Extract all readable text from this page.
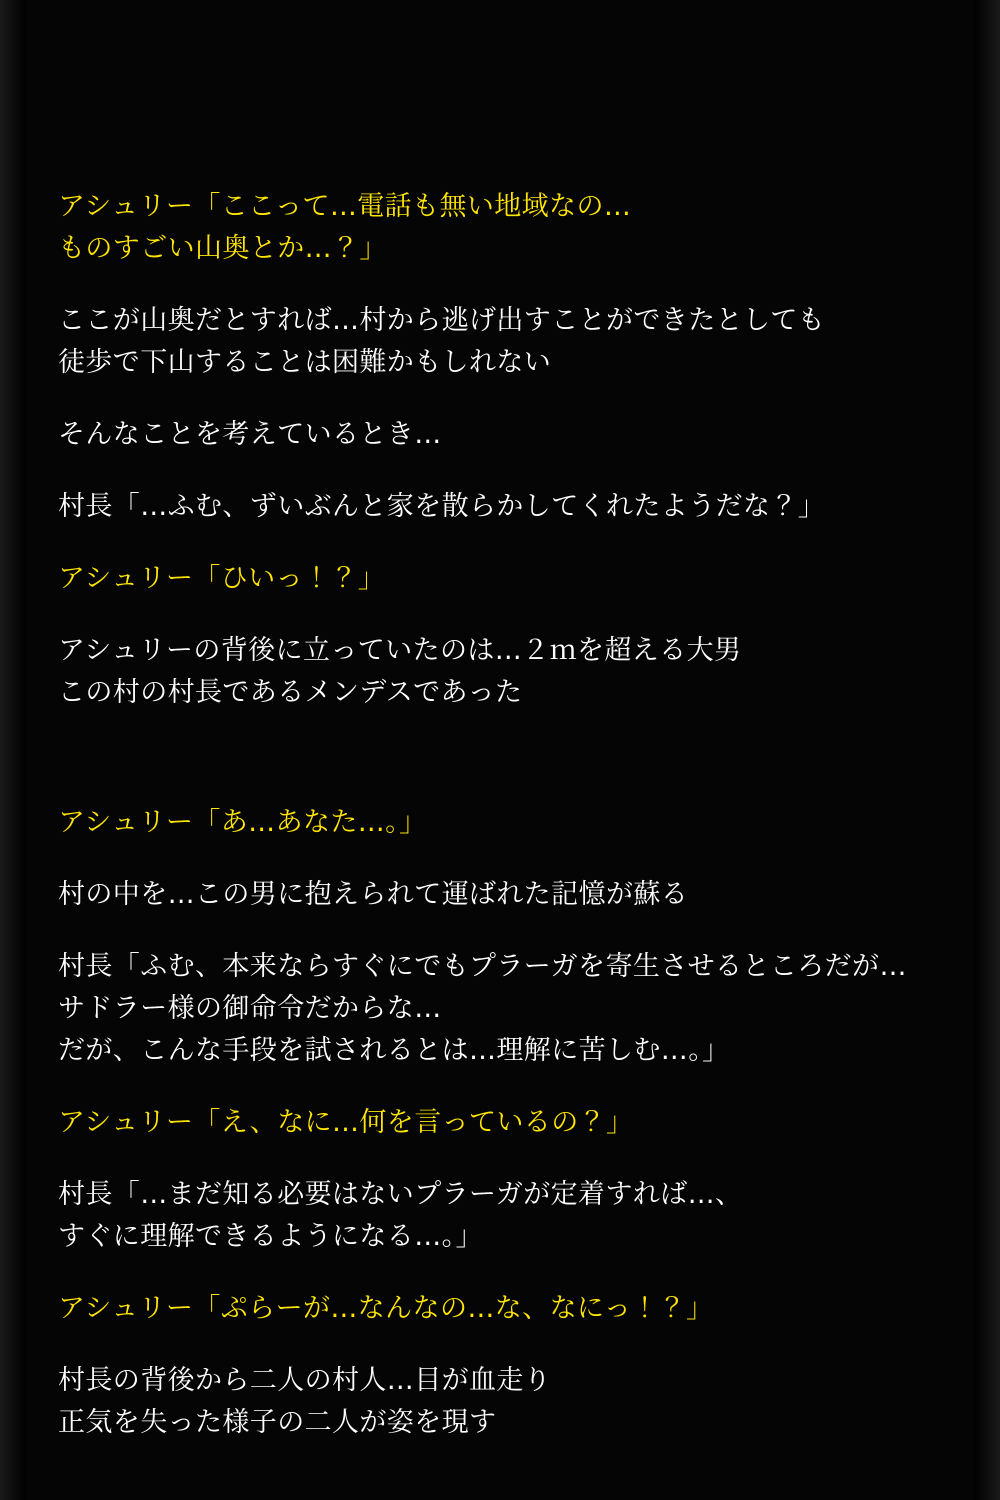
アシュリー「ここって…電話も無い地域なの…
ものすごい山奥とか…？」

ここが山奥だとすれば…村から逃げ出すことができたとしても
徒歩で下山することは困難かもしれない

そんなことを考えているとき…

村長「…ふむ、ずいぶんと家を散らかしてくれたようだな？」

アシュリー「ひいっ！？」

アシュリーの背後に立っていたのは…２ｍを超える大男
この村の村長であるメンデスであった

アシュリー「あ…あなた…。」

村の中を…この男に抱えられて運ばれた記憶が蘇る

村長「ふむ、本来ならすぐにでもプラーガを寄生させるところだが…
サドラー様の御命令だからな…
だが、こんな手段を試されるとは…理解に苦しむ…。」

アシュリー「え、なに…何を言っているの？」

村長「…まだ知る必要はないプラーガが定着すれば…、
すぐに理解できるようになる…。」

アシュリー「ぷらーが…なんなの…な、なにっ！？」

村長の背後から二人の村人…目が血走り
正気を失った様子の二人が姿を現す
